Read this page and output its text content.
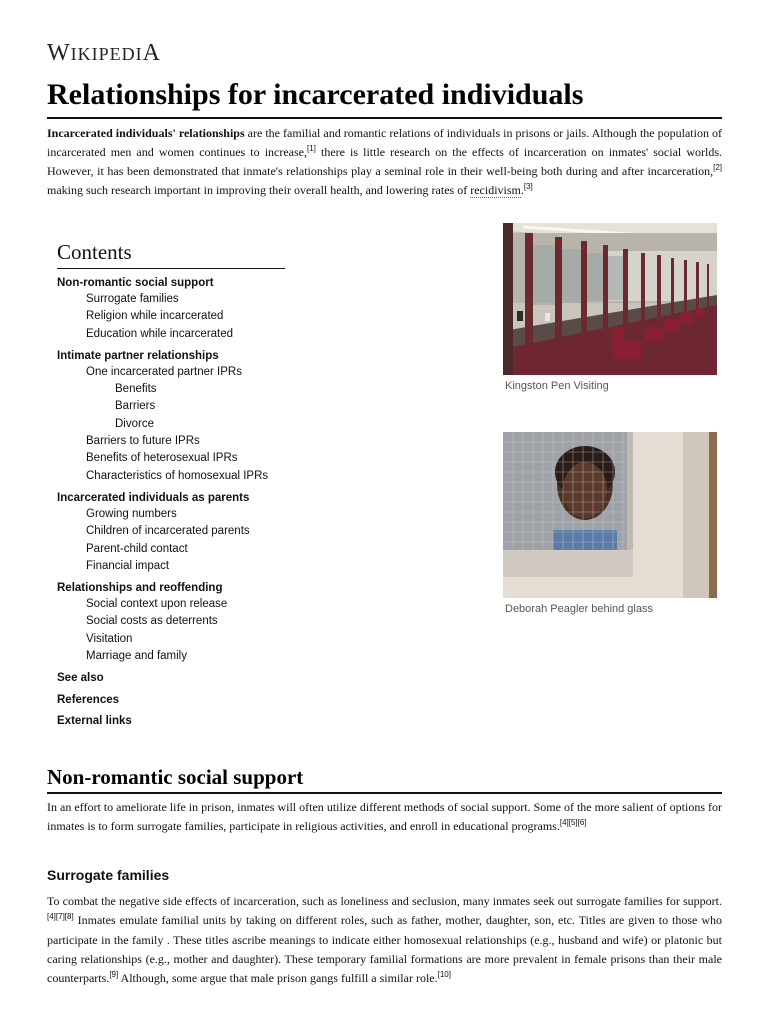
WIKIPEDIA
Relationships for incarcerated individuals

Incarcerated individuals' relationships are the familial and romantic relations of individuals in prisons or jails. Although the population of incarcerated men and women continues to increase,[1] there is little research on the effects of incarceration on inmates' social worlds. However, it has been demonstrated that inmate's relationships play a seminal role in their well-being both during and after incarceration,[2] making such research important in improving their overall health, and lowering rates of recidivism.[3]

Contents
Non-romantic social support
Surrogate families
Religion while incarcerated
Education while incarcerated
Intimate partner relationships
One incarcerated partner IPRs
Benefits
Barriers
Divorce
Barriers to future IPRs
Benefits of heterosexual IPRs
Characteristics of homosexual IPRs
Incarcerated individuals as parents
Growing numbers
Children of incarcerated parents
Parent-child contact
Financial impact
Relationships and reoffending
Social context upon release
Social costs as deterrents
Visitation
Marriage and family
See also
References
External links
Kingston Pen Visiting
Deborah Peagler behind glass
Non-romantic social support

In an effort to ameliorate life in prison, inmates will often utilize different methods of social support. Some of the more salient of options for inmates is to form surrogate families, participate in religious activities, and enroll in educational programs.[4][5][6]

Surrogate families

To combat the negative side effects of incarceration, such as loneliness and seclusion, many inmates seek out surrogate families for support.[4][7][8] Inmates emulate familial units by taking on different roles, such as father, mother, daughter, son, etc. Titles are given to those who participate in the family . These titles ascribe meanings to indicate either homosexual relationships (e.g., husband and wife) or platonic but caring relationships (e.g., mother and daughter). These temporary familial formations are more prevalent in female prisons than their male counterparts.[9] Although, some argue that male prison gangs fulfill a similar role.[10]
